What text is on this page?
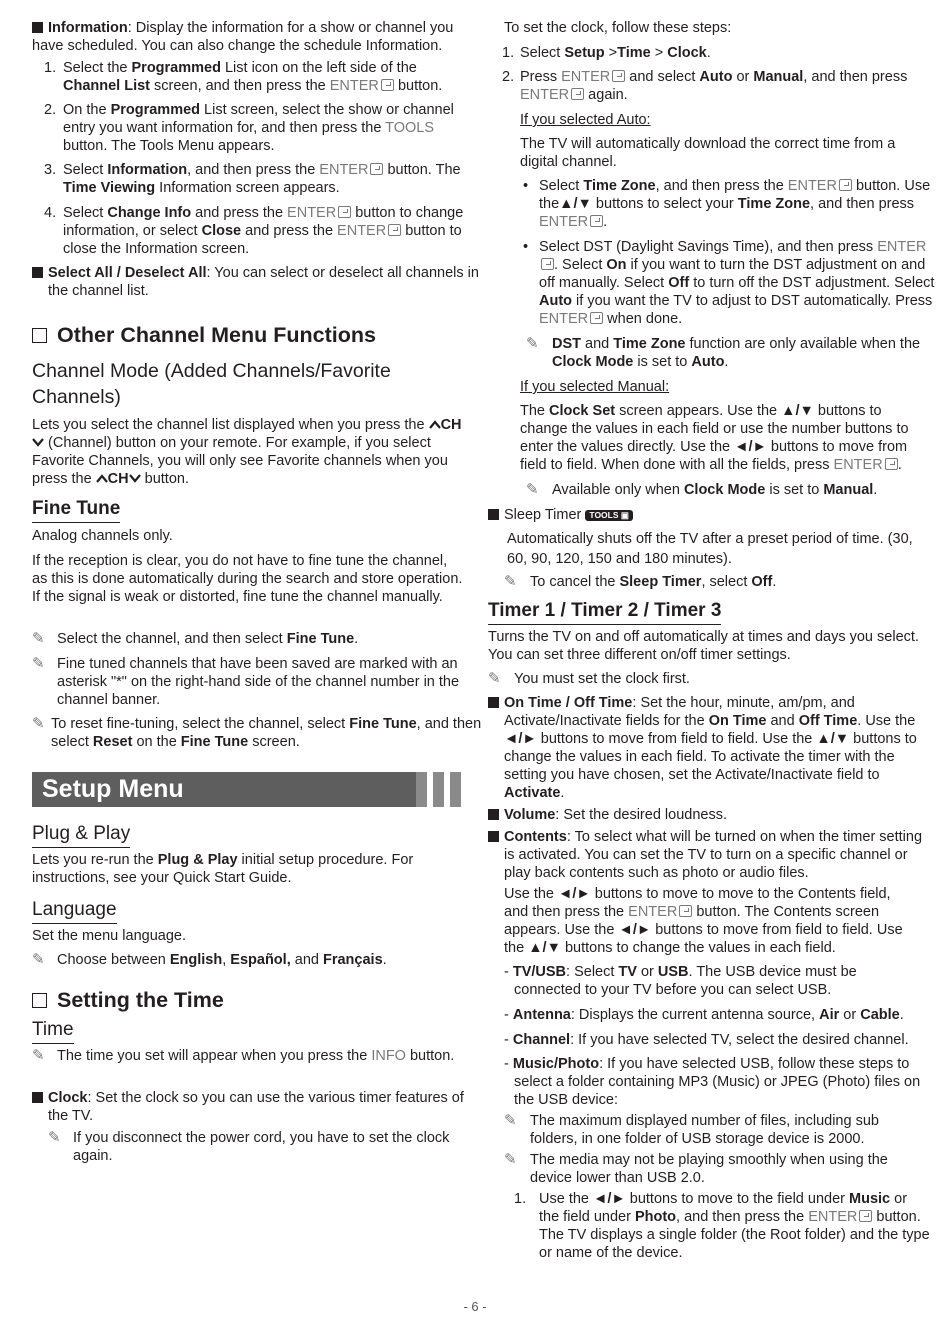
Information: Display the information for a show or channel you have scheduled. You can also change the schedule Information.
1. Select the Programmed List icon on the left side of the Channel List screen, and then press the ENTER button.
2. On the Programmed List screen, select the show or channel entry you want information for, and then press the TOOLS button. The Tools Menu appears.
3. Select Information, and then press the ENTER button. The Time Viewing Information screen appears.
4. Select Change Info and press the ENTER button to change information, or select Close and press the ENTER button to close the Information screen.
Select All / Deselect All: You can select or deselect all channels in the channel list.
Other Channel Menu Functions
Channel Mode (Added Channels/Favorite Channels)
Lets you select the channel list displayed when you press the CH (Channel) button on your remote. For example, if you select Favorite Channels, you will only see Favorite channels when you press the CH button.
Fine Tune
Analog channels only.
If the reception is clear, you do not have to fine tune the channel, as this is done automatically during the search and store operation. If the signal is weak or distorted, fine tune the channel manually.
✎ Select the channel, and then select Fine Tune.
✎ Fine tuned channels that have been saved are marked with an asterisk "*" on the right-hand side of the channel number in the channel banner.
✎ To reset fine-tuning, select the channel, select Fine Tune, and then select Reset on the Fine Tune screen.
Setup Menu
Plug & Play
Lets you re-run the Plug & Play initial setup procedure. For instructions, see your Quick Start Guide.
Language
Set the menu language.
✎ Choose between English, Español, and Français.
Setting the Time
Time
✎ The time you set will appear when you press the INFO button.
Clock: Set the clock so you can use the various timer features of the TV.
✎ If you disconnect the power cord, you have to set the clock again.
To set the clock, follow these steps:
1. Select Setup >Time > Clock.
2. Press ENTER and select Auto or Manual, and then press ENTER again.
If you selected Auto:
The TV will automatically download the correct time from a digital channel.
• Select Time Zone, and then press the ENTER button. Use the▲/▼ buttons to select your Time Zone, and then press ENTER .
• Select DST (Daylight Savings Time), and then press ENTER. Select On if you want to turn the DST adjustment on and off manually. Select Off to turn off the DST adjustment. Select Auto if you want the TV to adjust to DST automatically. Press ENTER when done.
✎ DST and Time Zone function are only available when the Clock Mode is set to Auto.
If you selected Manual:
The Clock Set screen appears. Use the ▲/▼ buttons to change the values in each field or use the number buttons to enter the values directly. Use the ◄/► buttons to move from field to field. When done with all the fields, press ENTER .
✎ Available only when Clock Mode is set to Manual.
Sleep Timer TOOLS ▣
Automatically shuts off the TV after a preset period of time. (30, 60, 90, 120, 150 and 180 minutes).
✎ To cancel the Sleep Timer, select Off.
Timer 1 / Timer 2 / Timer 3
Turns the TV on and off automatically at times and days you select. You can set three different on/off timer settings.
✎ You must set the clock first.
On Time / Off Time: Set the hour, minute, am/pm, and Activate/Inactivate fields for the On Time and Off Time. Use the ◄/► buttons to move from field to field. Use the ▲/▼ buttons to change the values in each field. To activate the timer with the setting you have chosen, set the Activate/Inactivate field to Activate.
Volume: Set the desired loudness.
Contents: To select what will be turned on when the timer setting is activated. You can set the TV to turn on a specific channel or play back contents such as photo or audio files.
Use the ◄/► buttons to move to move to the Contents field, and then press the ENTER button. The Contents screen appears. Use the ◄/► buttons to move from field to field. Use the ▲/▼ buttons to change the values in each field.
- TV/USB: Select TV or USB. The USB device must be connected to your TV before you can select USB.
- Antenna: Displays the current antenna source, Air or Cable.
- Channel: If you have selected TV, select the desired channel.
- Music/Photo: If you have selected USB, follow these steps to select a folder containing MP3 (Music) or JPEG (Photo) files on the USB device:
✎ The maximum displayed number of files, including sub folders, in one folder of USB storage device is 2000.
✎ The media may not be playing smoothly when using the device lower than USB 2.0.
1. Use the ◄/► buttons to move to the field under Music or the field under Photo, and then press the ENTER button. The TV displays a single folder (the Root folder) and the type or name of the device.
- 6 -
